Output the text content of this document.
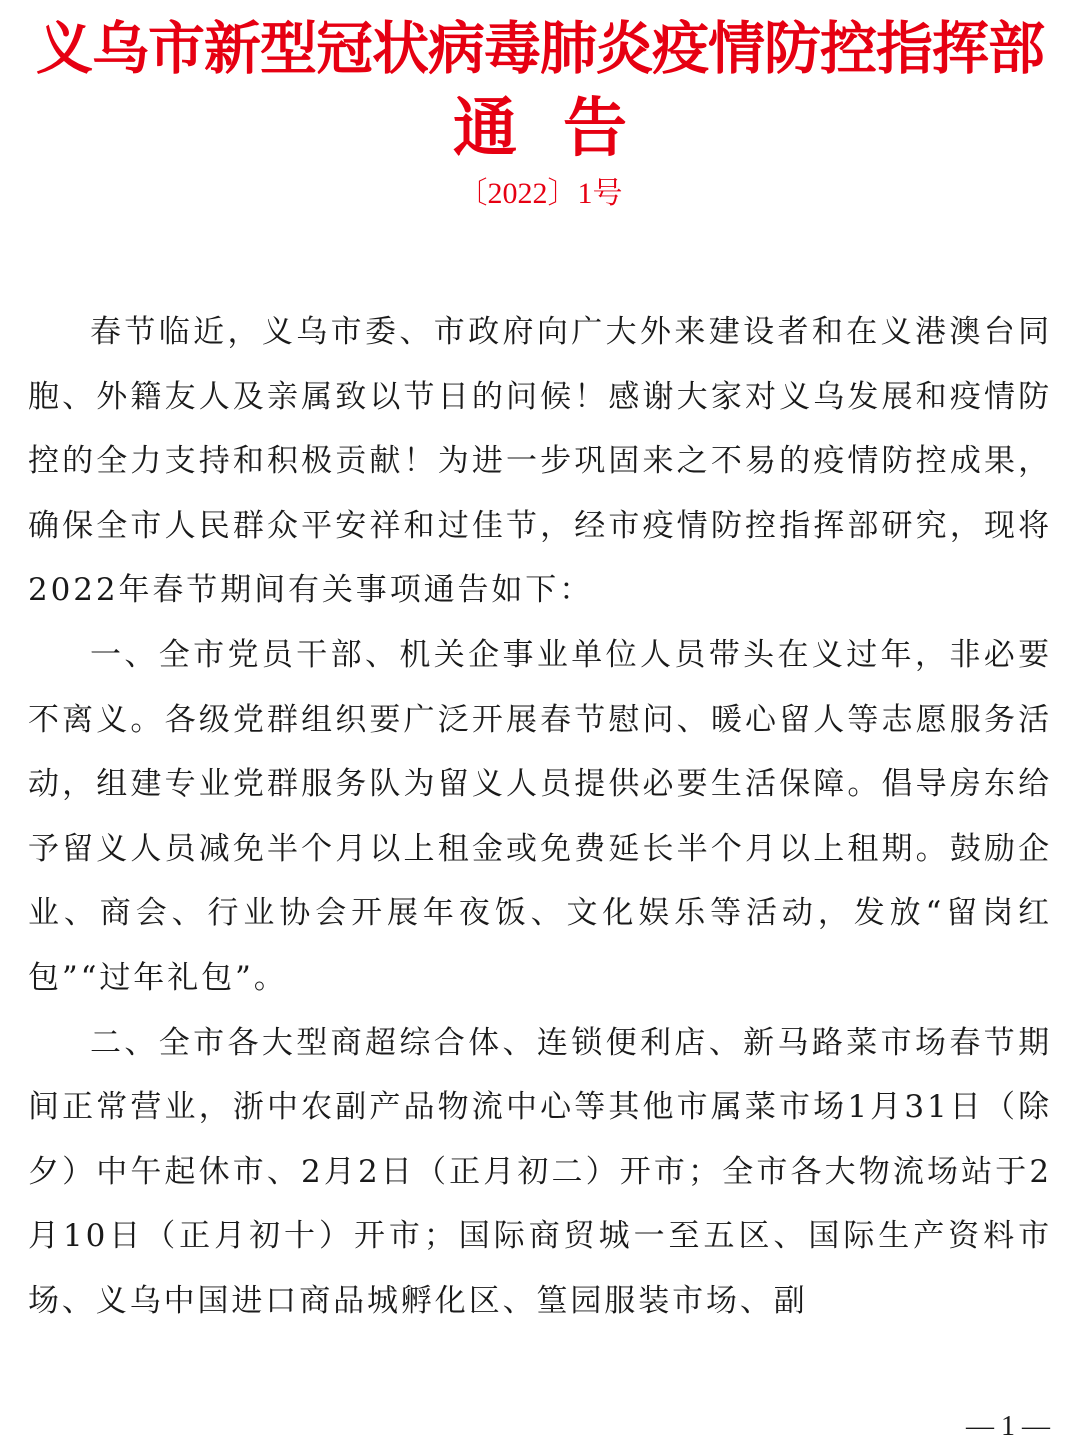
义乌市新型冠状病毒肺炎疫情防控指挥部
通告
〔2022〕1号

春节临近，义乌市委、市政府向广大外来建设者和在义港澳台同胞、外籍友人及亲属致以节日的问候！感谢大家对义乌发展和疫情防控的全力支持和积极贡献！为进一步巩固来之不易的疫情防控成果，确保全市人民群众平安祥和过佳节，经市疫情防控指挥部研究，现将2022年春节期间有关事项通告如下：

一、全市党员干部、机关企事业单位人员带头在义过年，非必要不离义。各级党群组织要广泛开展春节慰问、暖心留人等志愿服务活动，组建专业党群服务队为留义人员提供必要生活保障。倡导房东给予留义人员减免半个月以上租金或免费延长半个月以上租期。鼓励企业、商会、行业协会开展年夜饭、文化娱乐等活动，发放“留岗红包”“过年礼包”。

二、全市各大型商超综合体、连锁便利店、新马路菜市场春节期间正常营业，浙中农副产品物流中心等其他市属菜市场1月31日（除夕）中午起休市、2月2日（正月初二）开市；全市各大物流场站于2月10日（正月初十）开市；国际商贸城一至五区、国际生产资料市场、义乌中国进口商品城孵化区、篁园服装市场、副

— 1 —
